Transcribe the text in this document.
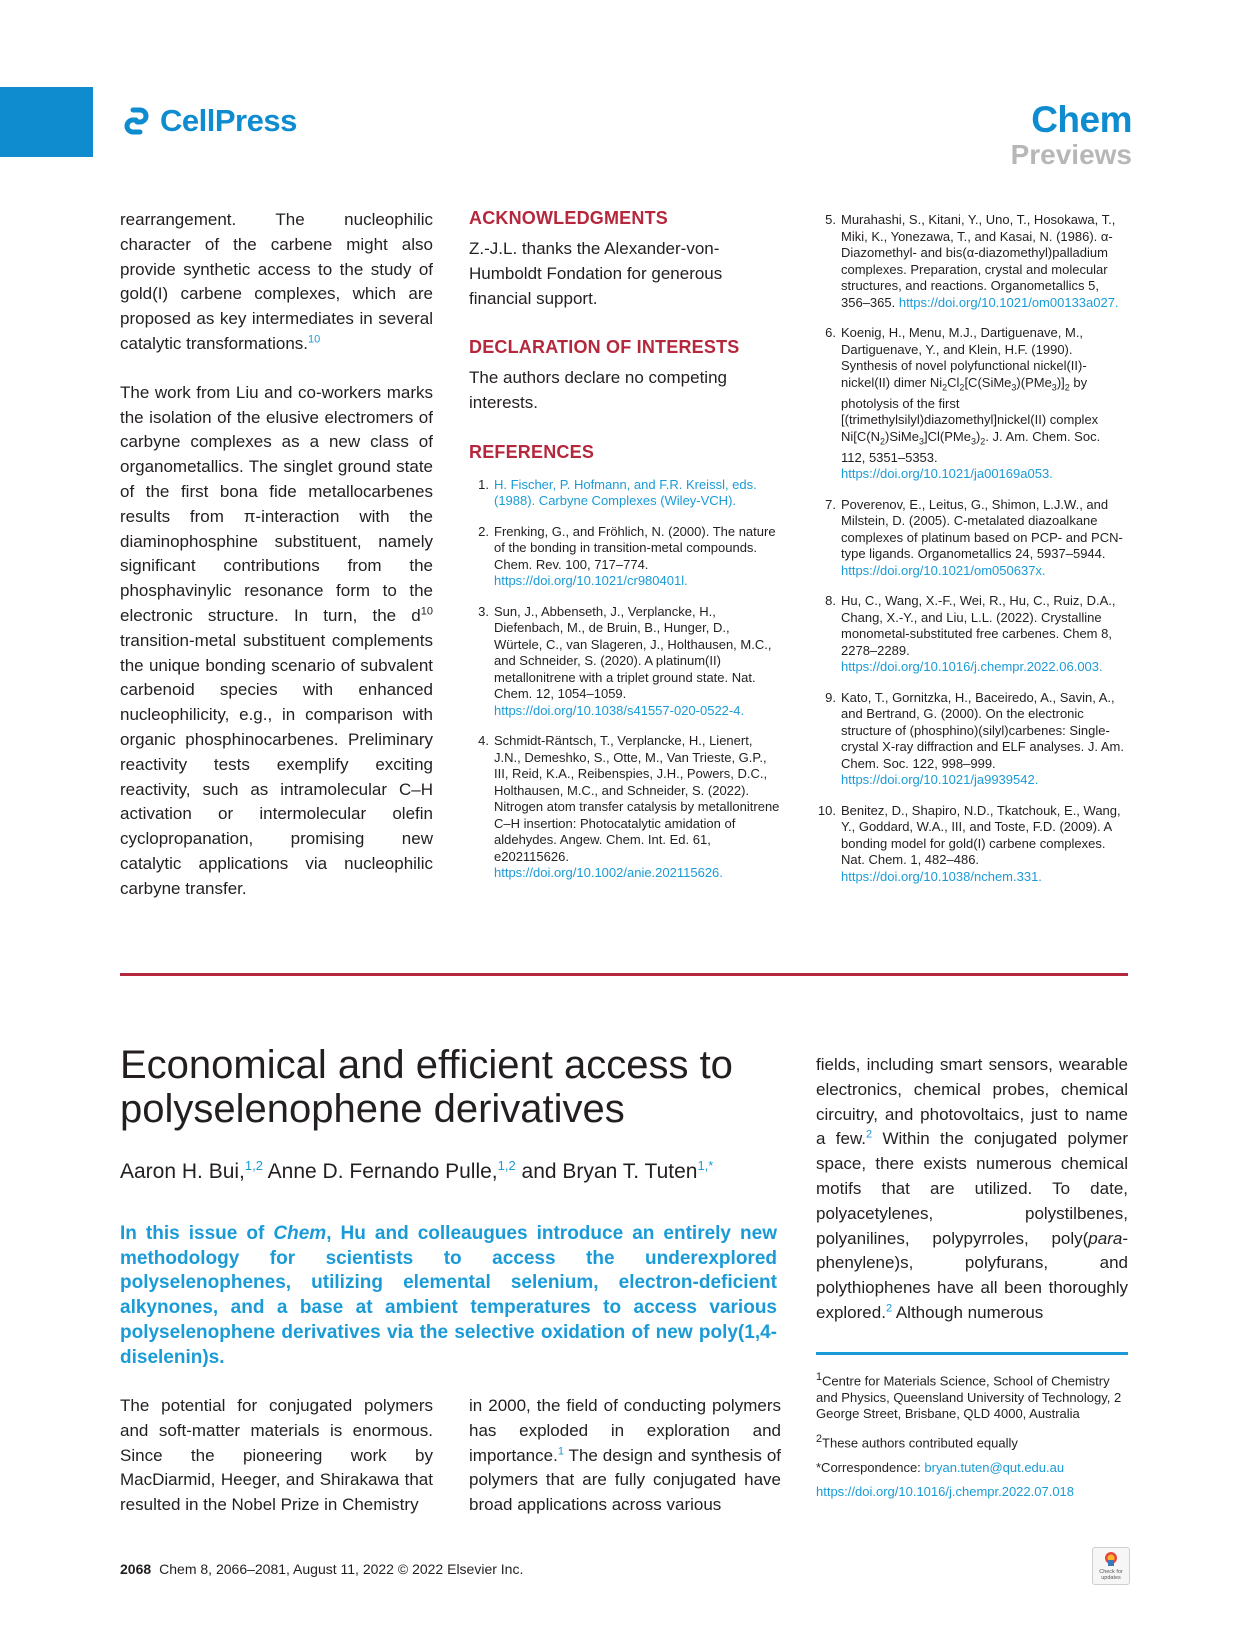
CellPress	Chem
Previews

rearrangement. The nucleophilic character of the carbene might also provide synthetic access to the study of gold(I) carbene complexes, which are proposed as key intermediates in several catalytic transformations.$^{10}$

The work from Liu and co-workers marks the isolation of the elusive electromers of carbyne complexes as a new class of organometallics. The singlet ground state of the first bona fide metallocarbenes results from π-interaction with the diaminophosphine substituent, namely significant contributions from the phosphavinylic resonance form to the electronic structure. In turn, the $d^{10}$ transition-metal substituent complements the unique bonding scenario of subvalent carbenoid species with enhanced nucleophilicity, e.g., in comparison with organic phosphinocarbenes. Preliminary reactivity tests exemplify exciting reactivity, such as intramolecular C–H activation or intermolecular olefin cyclopropanation, promising new catalytic applications via nucleophilic carbyne transfer.

ACKNOWLEDGMENTS
Z.-J.L. thanks the Alexander-von-Humboldt Fondation for generous financial support.
DECLARATION OF INTERESTS
The authors declare no competing interests.
REFERENCES
1. H. Fischer, P. Hofmann, and F.R. Kreissl, eds. (1988). Carbyne Complexes (Wiley-VCH).
2. Frenking, G., and Fröhlich, N. (2000). The nature of the bonding in transition-metal compounds. Chem. Rev. 100, 717–774. https://doi.org/10.1021/cr980401l.
3. Sun, J., Abbenseth, J., Verplancke, H., Diefenbach, M., de Bruin, B., Hunger, D., Würtele, C., van Slageren, J., Holthausen, M.C., and Schneider, S. (2020). A platinum(II) metallonitrene with a triplet ground state. Nat. Chem. 12, 1054–1059. https://doi.org/10.1038/s41557-020-0522-4.
4. Schmidt-Räntsch, T., Verplancke, H., Lienert, J.N., Demeshko, S., Otte, M., Van Trieste, G.P., III, Reid, K.A., Reibenspies, J.H., Powers, D.C., Holthausen, M.C., and Schneider, S. (2022). Nitrogen atom transfer catalysis by metallonitrene C–H insertion: Photocatalytic amidation of aldehydes. Angew. Chem. Int. Ed. 61, e202115626. https://doi.org/10.1002/anie.202115626.
5. Murahashi, S., Kitani, Y., Uno, T., Hosokawa, T., Miki, K., Yonezawa, T., and Kasai, N. (1986). α-Diazomethyl- and bis(α-diazomethyl)palladium complexes. Preparation, crystal and molecular structures, and reactions. Organometallics 5, 356–365. https://doi.org/10.1021/om00133a027.
6. Koenig, H., Menu, M.J., Dartiguenave, M., Dartiguenave, Y., and Klein, H.F. (1990). Synthesis of novel polyfunctional nickel(II)-nickel(II) dimer $Ni_2Cl_2[C(SiMe_3)(PMe_3)]_2$ by photolysis of the first [(trimethylsilyl)diazomethyl]nickel(II) complex $Ni[C(N_2)SiMe_3]Cl(PMe_3)_2$. J. Am. Chem. Soc. 112, 5351–5353. https://doi.org/10.1021/ja00169a053.
7. Poverenov, E., Leitus, G., Shimon, L.J.W., and Milstein, D. (2005). C-metalated diazoalkane complexes of platinum based on PCP- and PCN-type ligands. Organometallics 24, 5937–5944. https://doi.org/10.1021/om050637x.
8. Hu, C., Wang, X.-F., Wei, R., Hu, C., Ruiz, D.A., Chang, X.-Y., and Liu, L.L. (2022). Crystalline monometal-substituted free carbenes. Chem 8, 2278–2289. https://doi.org/10.1016/j.chempr.2022.06.003.
9. Kato, T., Gornitzka, H., Baceiredo, A., Savin, A., and Bertrand, G. (2000). On the electronic structure of (phosphino)(silyl)carbenes: Single-crystal X-ray diffraction and ELF analyses. J. Am. Chem. Soc. 122, 998–999. https://doi.org/10.1021/ja9939542.
10. Benitez, D., Shapiro, N.D., Tkatchouk, E., Wang, Y., Goddard, W.A., III, and Toste, F.D. (2009). A bonding model for gold(I) carbene complexes. Nat. Chem. 1, 482–486. https://doi.org/10.1038/nchem.331.
Economical and efficient access to polyselenophene derivatives
Aaron H. Bui,$^{1,2}$ Anne D. Fernando Pulle,$^{1,2}$ and Bryan T. Tuten$^{1,*}$
In this issue of Chem, Hu and colleaugues introduce an entirely new methodology for scientists to access the underexplored polyselenophenes, utilizing elemental selenium, electron-deficient alkynones, and a base at ambient temperatures to access various polyselenophene derivatives via the selective oxidation of new poly(1,4-diselenin)s.
The potential for conjugated polymers and soft-matter materials is enormous. Since the pioneering work by MacDiarmid, Heeger, and Shirakawa that resulted in the Nobel Prize in Chemistry
in 2000, the field of conducting polymers has exploded in exploration and importance.$^1$ The design and synthesis of polymers that are fully conjugated have broad applications across various
fields, including smart sensors, wearable electronics, chemical probes, chemical circuitry, and photovoltaics, just to name a few.$^2$ Within the conjugated polymer space, there exists numerous chemical motifs that are utilized. To date, polyacetylenes, polystilbenes, polyanilines, polypyrroles, poly(para-phenylene)s, polyfurans, and polythiophenes have all been thoroughly explored.$^2$ Although numerous

$^1$Centre for Materials Science, School of Chemistry and Physics, Queensland University of Technology, 2 George Street, Brisbane, QLD 4000, Australia

$^2$These authors contributed equally

*Correspondence: bryan.tuten@qut.edu.au

https://doi.org/10.1016/j.chempr.2022.07.018

2068 Chem 8, 2066–2081, August 11, 2022 © 2022 Elsevier Inc.	Check for updates
